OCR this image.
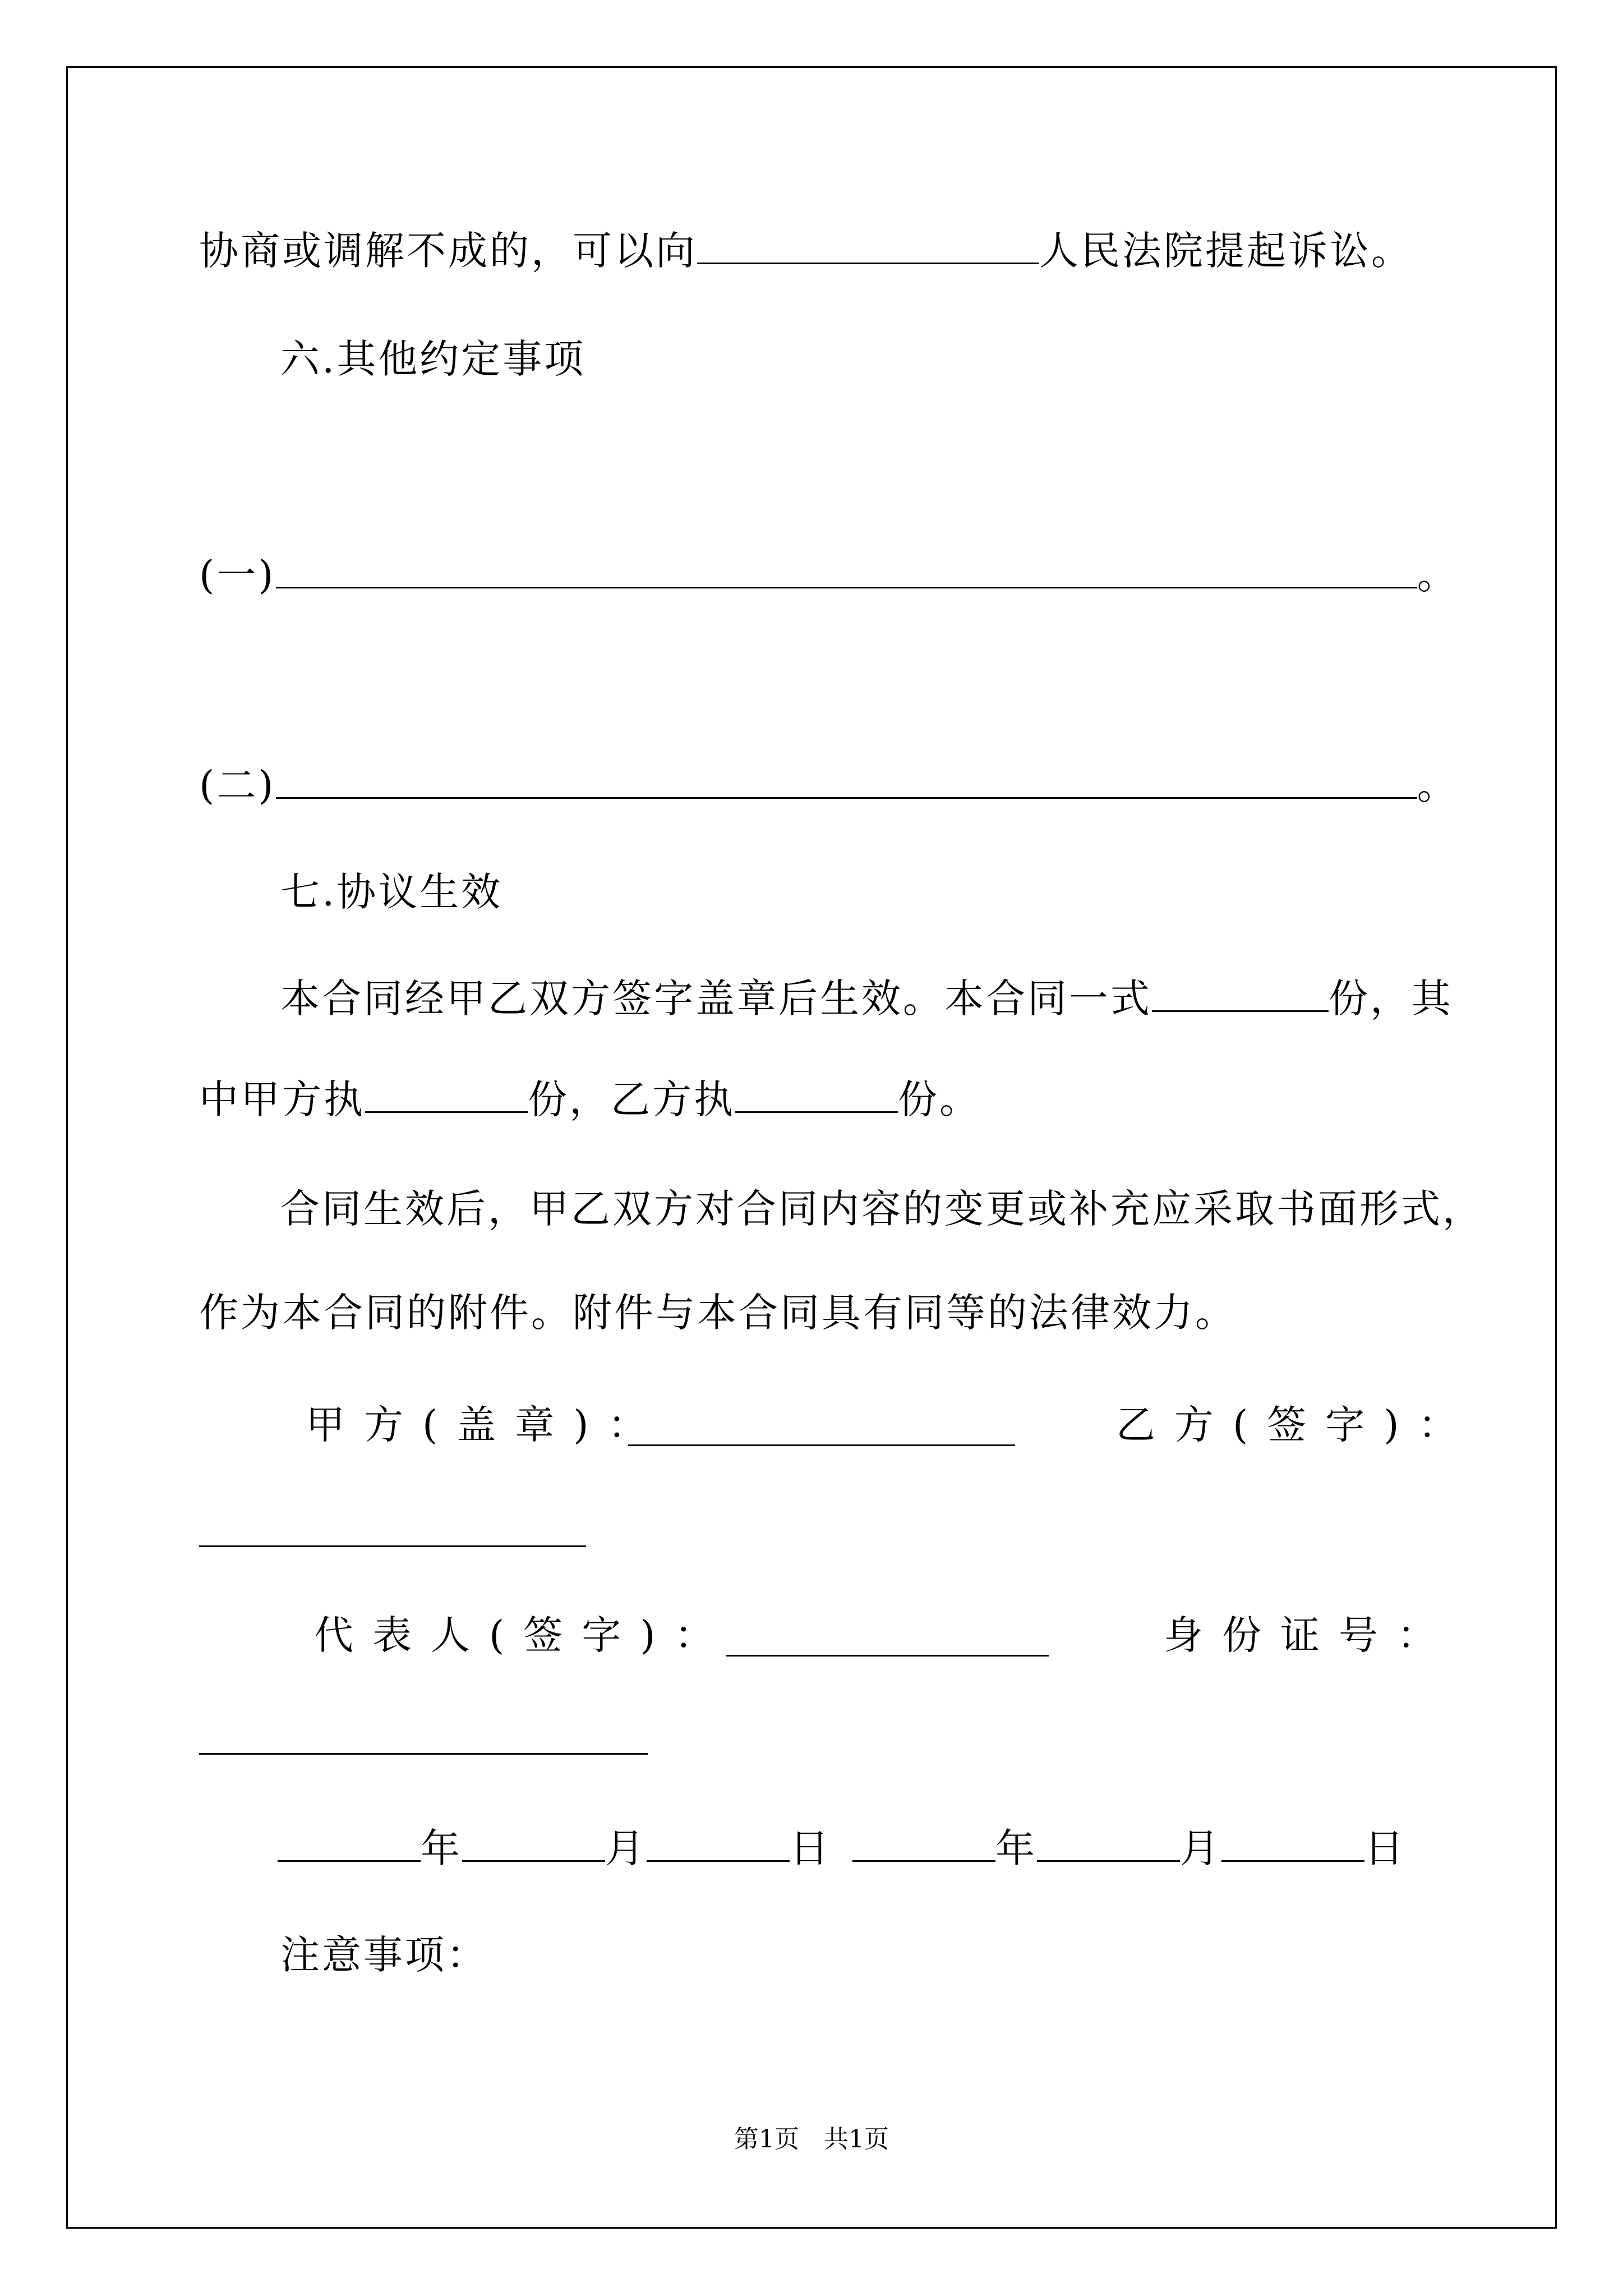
协商或调解不成的，可以向	人民法院提起诉讼。
六.其他约定事项
(一)	。
(二)	。
七.协议生效
本合同经甲乙双方签字盖章后生效。本合同一式	份，其
中甲方执	份，乙方执	份。
合同生效后，甲乙双方对合同内容的变更或补充应采取书面形式，
作为本合同的附件。附件与本合同具有同等的法律效力。
甲方(盖章)：	乙方(签字)：
代表人(签字)：	身份证号：
年	月	日	年	月	日
注意事项：
第1页　共1页
